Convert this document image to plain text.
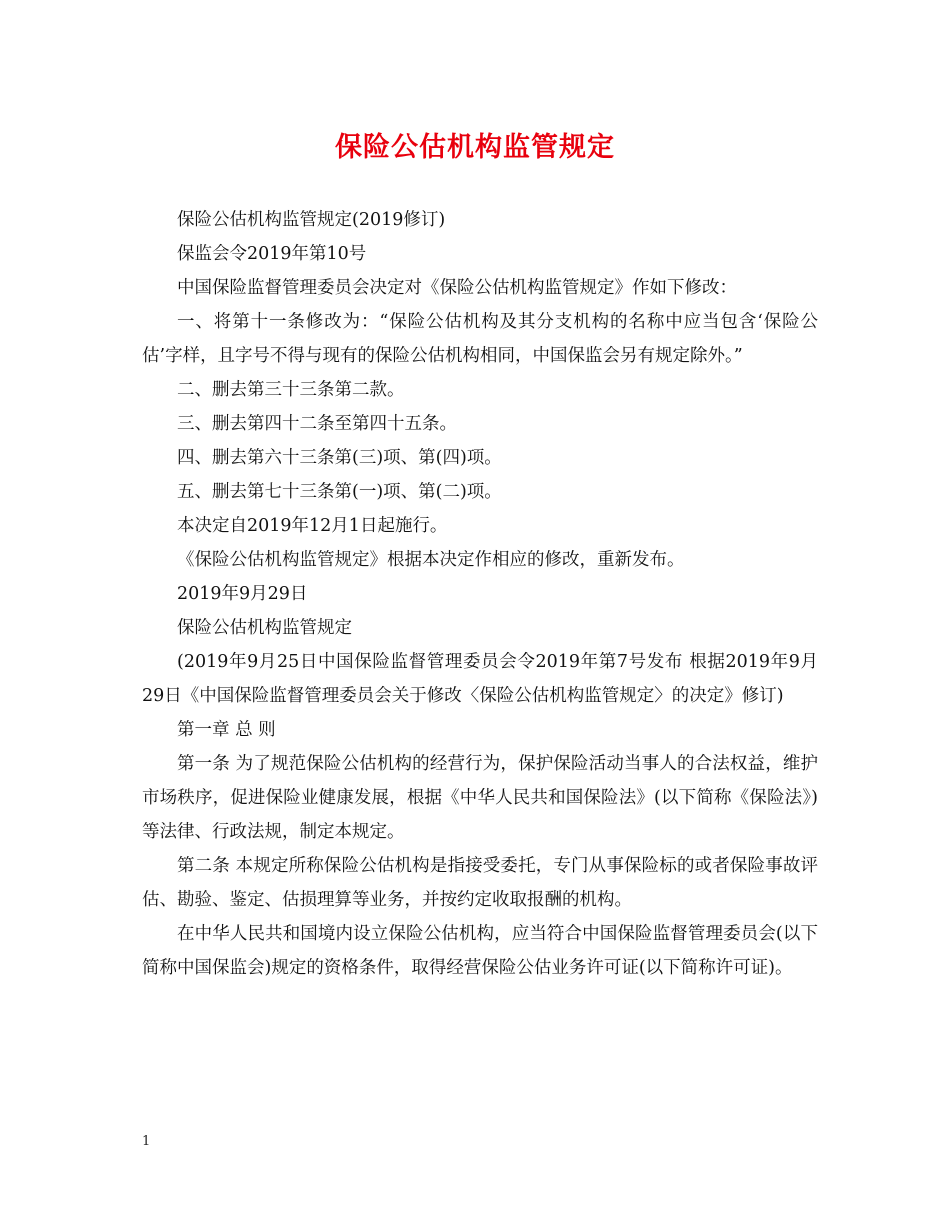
保险公估机构监管规定

保险公估机构监管规定(2019修订)

保监会令2019年第10号

中国保险监督管理委员会决定对《保险公估机构监管规定》作如下修改：

一、将第十一条修改为：“保险公估机构及其分支机构的名称中应当包含‘保险公估’字样，且字号不得与现有的保险公估机构相同，中国保监会另有规定除外。”

二、删去第三十三条第二款。

三、删去第四十二条至第四十五条。

四、删去第六十三条第(三)项、第(四)项。

五、删去第七十三条第(一)项、第(二)项。

本决定自2019年12月1日起施行。

《保险公估机构监管规定》根据本决定作相应的修改，重新发布。

2019年9月29日

保险公估机构监管规定

(2019年9月25日中国保险监督管理委员会令2019年第7号发布 根据2019年9月29日《中国保险监督管理委员会关于修改〈保险公估机构监管规定〉的决定》修订)

第一章 总 则

第一条 为了规范保险公估机构的经营行为，保护保险活动当事人的合法权益，维护市场秩序，促进保险业健康发展，根据《中华人民共和国保险法》(以下简称《保险法》)等法律、行政法规，制定本规定。

第二条 本规定所称保险公估机构是指接受委托，专门从事保险标的或者保险事故评估、勘验、鉴定、估损理算等业务，并按约定收取报酬的机构。

在中华人民共和国境内设立保险公估机构，应当符合中国保险监督管理委员会(以下简称中国保监会)规定的资格条件，取得经营保险公估业务许可证(以下简称许可证)。

1
